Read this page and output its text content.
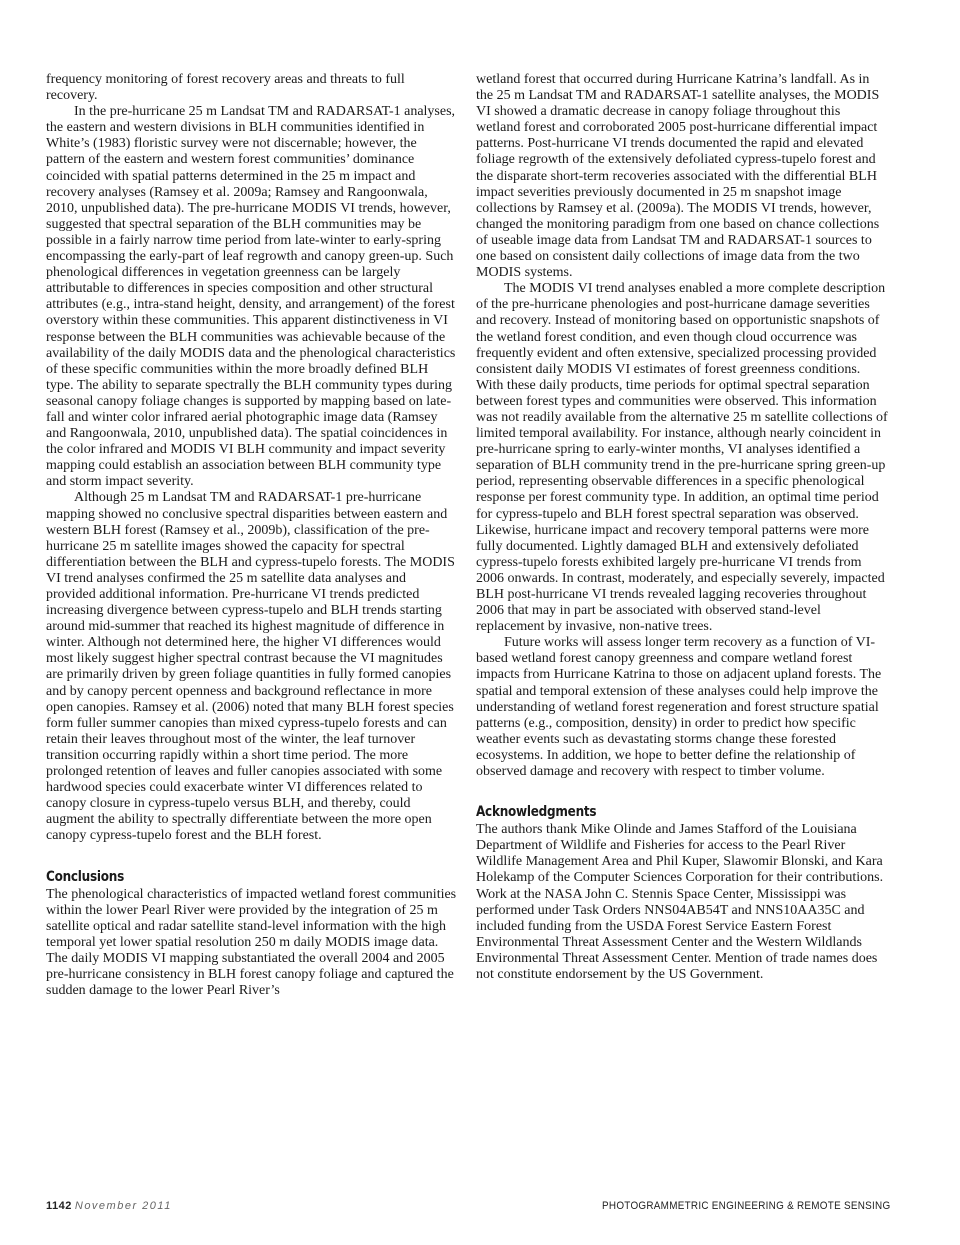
frequency monitoring of forest recovery areas and threats to full recovery.

In the pre-hurricane 25 m Landsat TM and RADARSAT-1 analyses, the eastern and western divisions in BLH communities identified in White’s (1983) floristic survey were not discernable; however, the pattern of the eastern and western forest communities’ dominance coincided with spatial patterns determined in the 25 m impact and recovery analyses (Ramsey et al. 2009a; Ramsey and Rangoonwala, 2010, unpublished data). The pre-hurricane MODIS VI trends, however, suggested that spectral separation of the BLH communities may be possible in a fairly narrow time period from late-winter to early-spring encompassing the early-part of leaf regrowth and canopy green-up. Such phenological differences in vegetation greenness can be largely attributable to differences in species composition and other structural attributes (e.g., intra-stand height, density, and arrangement) of the forest overstory within these communities. This apparent distinctiveness in VI response between the BLH communities was achievable because of the availability of the daily MODIS data and the phenological characteristics of these specific communities within the more broadly defined BLH type. The ability to separate spectrally the BLH community types during seasonal canopy foliage changes is supported by mapping based on late-fall and winter color infrared aerial photographic image data (Ramsey and Rangoonwala, 2010, unpublished data). The spatial coincidences in the color infrared and MODIS VI BLH community and impact severity mapping could establish an association between BLH community type and storm impact severity.

Although 25 m Landsat TM and RADARSAT-1 pre-hurricane mapping showed no conclusive spectral disparities between eastern and western BLH forest (Ramsey et al., 2009b), classification of the pre-hurricane 25 m satellite images showed the capacity for spectral differentiation between the BLH and cypress-tupelo forests. The MODIS VI trend analyses confirmed the 25 m satellite data analyses and provided additional information. Pre-hurricane VI trends predicted increasing divergence between cypress-tupelo and BLH trends starting around mid-summer that reached its highest magnitude of difference in winter. Although not determined here, the higher VI differences would most likely suggest higher spectral contrast because the VI magnitudes are primarily driven by green foliage quantities in fully formed canopies and by canopy percent openness and background reflectance in more open canopies. Ramsey et al. (2006) noted that many BLH forest species form fuller summer canopies than mixed cypress-tupelo forests and can retain their leaves throughout most of the winter, the leaf turnover transition occurring rapidly within a short time period. The more prolonged retention of leaves and fuller canopies associated with some hardwood species could exacerbate winter VI differences related to canopy closure in cypress-tupelo versus BLH, and thereby, could augment the ability to spectrally differentiate between the more open canopy cypress-tupelo forest and the BLH forest.

Conclusions

The phenological characteristics of impacted wetland forest communities within the lower Pearl River were provided by the integration of 25 m satellite optical and radar satellite stand-level information with the high temporal yet lower spatial resolution 250 m daily MODIS image data. The daily MODIS VI mapping substantiated the overall 2004 and 2005 pre-hurricane consistency in BLH forest canopy foliage and captured the sudden damage to the lower Pearl River’s

wetland forest that occurred during Hurricane Katrina’s landfall. As in the 25 m Landsat TM and RADARSAT-1 satellite analyses, the MODIS VI showed a dramatic decrease in canopy foliage throughout this wetland forest and corroborated 2005 post-hurricane differential impact patterns. Post-hurricane VI trends documented the rapid and elevated foliage regrowth of the extensively defoliated cypress-tupelo forest and the disparate short-term recoveries associated with the differential BLH impact severities previously documented in 25 m snapshot image collections by Ramsey et al. (2009a). The MODIS VI trends, however, changed the monitoring paradigm from one based on chance collections of useable image data from Landsat TM and RADARSAT-1 sources to one based on consistent daily collections of image data from the two MODIS systems.

The MODIS VI trend analyses enabled a more complete description of the pre-hurricane phenologies and post-hurricane damage severities and recovery. Instead of monitoring based on opportunistic snapshots of the wetland forest condition, and even though cloud occurrence was frequently evident and often extensive, specialized processing provided consistent daily MODIS VI estimates of forest greenness conditions. With these daily products, time periods for optimal spectral separation between forest types and communities were observed. This information was not readily available from the alternative 25 m satellite collections of limited temporal availability. For instance, although nearly coincident in pre-hurricane spring to early-winter months, VI analyses identified a separation of BLH community trend in the pre-hurricane spring green-up period, representing observable differences in a specific phenological response per forest community type. In addition, an optimal time period for cypress-tupelo and BLH forest spectral separation was observed. Likewise, hurricane impact and recovery temporal patterns were more fully documented. Lightly damaged BLH and extensively defoliated cypress-tupelo forests exhibited largely pre-hurricane VI trends from 2006 onwards. In contrast, moderately, and especially severely, impacted BLH post-hurricane VI trends revealed lagging recoveries throughout 2006 that may in part be associated with observed stand-level replacement by invasive, non-native trees.

Future works will assess longer term recovery as a function of VI-based wetland forest canopy greenness and compare wetland forest impacts from Hurricane Katrina to those on adjacent upland forests. The spatial and temporal extension of these analyses could help improve the understanding of wetland forest regeneration and forest structure spatial patterns (e.g., composition, density) in order to predict how specific weather events such as devastating storms change these forested ecosystems. In addition, we hope to better define the relationship of observed damage and recovery with respect to timber volume.

Acknowledgments

The authors thank Mike Olinde and James Stafford of the Louisiana Department of Wildlife and Fisheries for access to the Pearl River Wildlife Management Area and Phil Kuper, Slawomir Blonski, and Kara Holekamp of the Computer Sciences Corporation for their contributions. Work at the NASA John C. Stennis Space Center, Mississippi was performed under Task Orders NNS04AB54T and NNS10AA35C and included funding from the USDA Forest Service Eastern Forest Environmental Threat Assessment Center and the Western Wildlands Environmental Threat Assessment Center. Mention of trade names does not constitute endorsement by the US Government.

1142 November 2011	PHOTOGRAMMETRIC ENGINEERING & REMOTE SENSING
